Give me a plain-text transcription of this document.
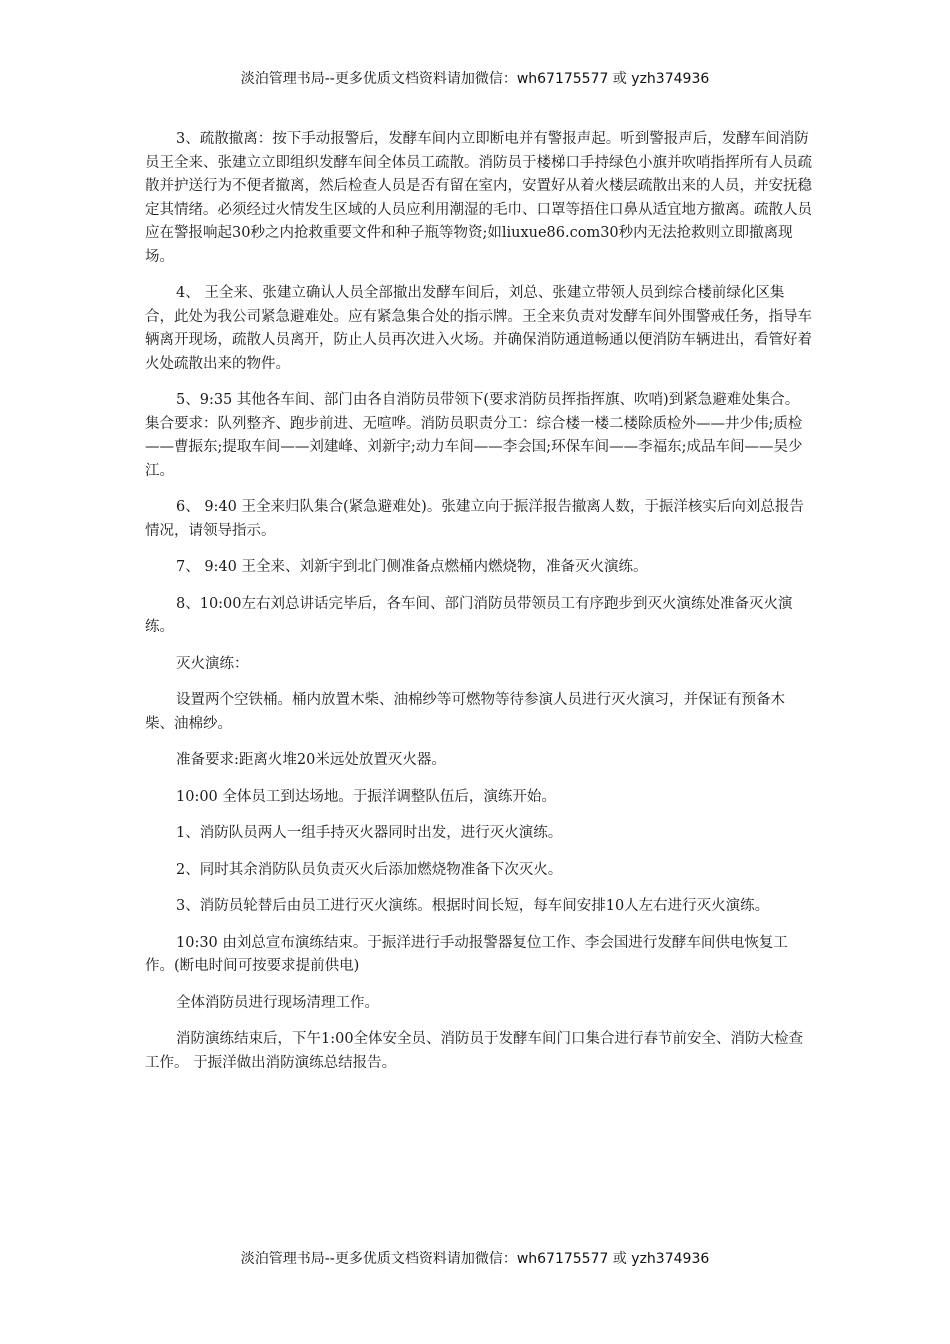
淡泊管理书局--更多优质文档资料请加微信：wh67175577 或 yzh374936

3、疏散撤离：按下手动报警后，发酵车间内立即断电并有警报声起。听到警报声后，发酵车间消防员王全来、张建立立即组织发酵车间全体员工疏散。消防员于楼梯口手持绿色小旗并吹哨指挥所有人员疏散并护送行为不便者撤离，然后检查人员是否有留在室内，安置好从着火楼层疏散出来的人员，并安抚稳定其情绪。必须经过火情发生区域的人员应利用潮湿的毛巾、口罩等捂住口鼻从适宜地方撤离。疏散人员应在警报响起30秒之内抢救重要文件和种子瓶等物资;如liuxue86.com30秒内无法抢救则立即撤离现场。

4、 王全来、张建立确认人员全部撤出发酵车间后，刘总、张建立带领人员到综合楼前绿化区集合，此处为我公司紧急避难处。应有紧急集合处的指示牌。王全来负责对发酵车间外围警戒任务，指导车辆离开现场，疏散人员离开，防止人员再次进入火场。并确保消防通道畅通以便消防车辆进出，看管好着火处疏散出来的物件。

5、9:35 其他各车间、部门由各自消防员带领下(要求消防员挥指挥旗、吹哨)到紧急避难处集合。集合要求：队列整齐、跑步前进、无喧哗。消防员职责分工：综合楼一楼二楼除质检外——井少伟;质检——曹振东;提取车间——刘建峰、刘新宇;动力车间——李会国;环保车间——李福东;成品车间——吴少江。

6、 9:40 王全来归队集合(紧急避难处)。张建立向于振洋报告撤离人数，于振洋核实后向刘总报告情况，请领导指示。

7、 9:40 王全来、刘新宇到北门侧准备点燃桶内燃烧物，准备灭火演练。

8、10:00左右刘总讲话完毕后，各车间、部门消防员带领员工有序跑步到灭火演练处准备灭火演练。

灭火演练：

设置两个空铁桶。桶内放置木柴、油棉纱等可燃物等待参演人员进行灭火演习，并保证有预备木柴、油棉纱。

准备要求:距离火堆20米远处放置灭火器。

10:00 全体员工到达场地。于振洋调整队伍后，演练开始。

1、消防队员两人一组手持灭火器同时出发，进行灭火演练。

2、同时其余消防队员负责灭火后添加燃烧物准备下次灭火。

3、消防员轮替后由员工进行灭火演练。根据时间长短，每车间安排10人左右进行灭火演练。

10:30 由刘总宣布演练结束。于振洋进行手动报警器复位工作、李会国进行发酵车间供电恢复工作。(断电时间可按要求提前供电)

全体消防员进行现场清理工作。

消防演练结束后，下午1:00全体安全员、消防员于发酵车间门口集合进行春节前安全、消防大检查工作。 于振洋做出消防演练总结报告。

淡泊管理书局--更多优质文档资料请加微信：wh67175577 或 yzh374936
